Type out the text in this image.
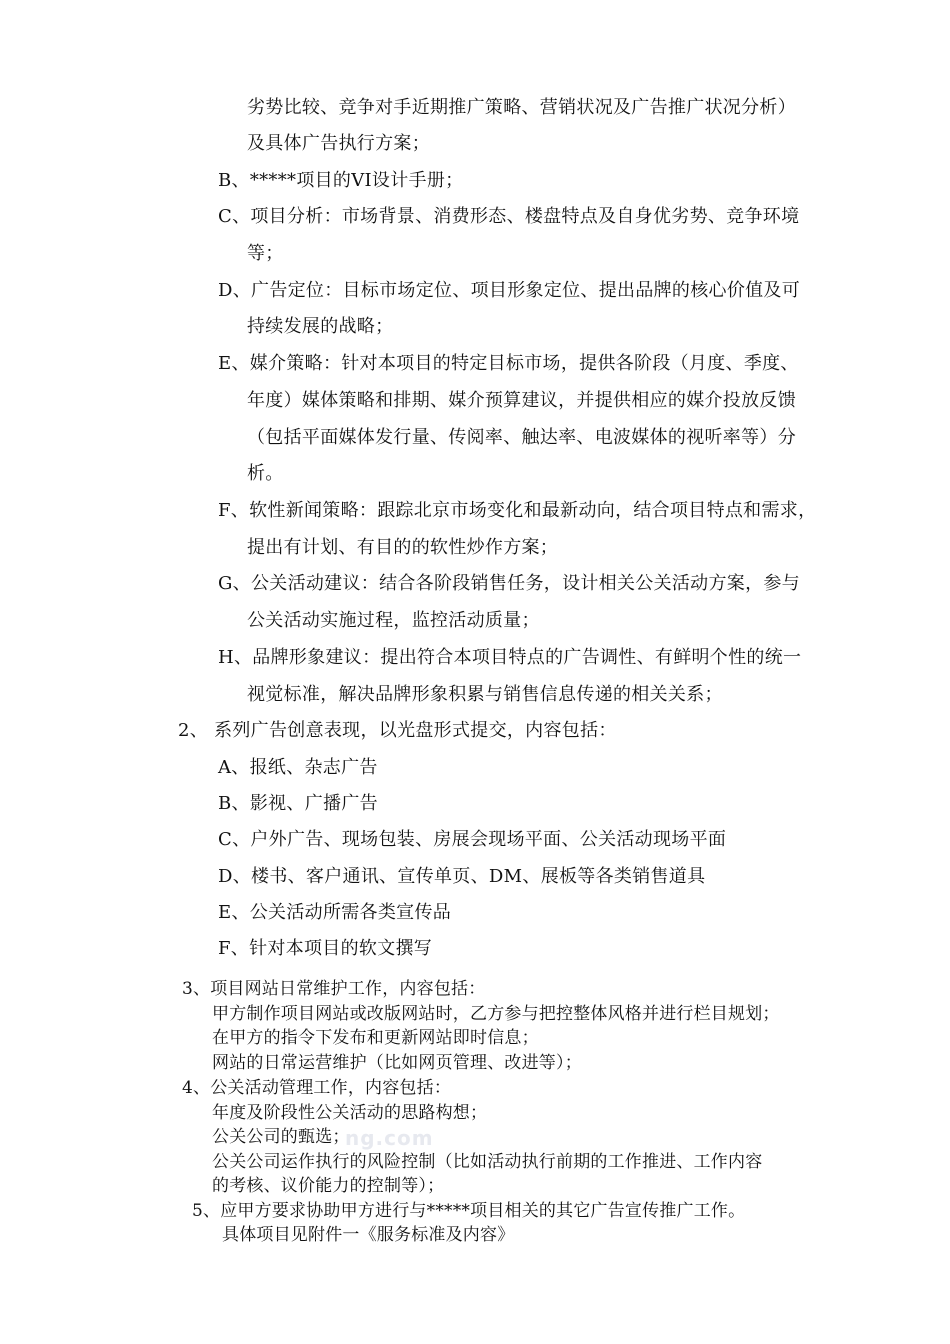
劣势比较、竞争对手近期推广策略、营销状况及广告推广状况分析）
及具体广告执行方案；
B、*****项目的VI设计手册；
C、项目分析：市场背景、消费形态、楼盘特点及自身优劣势、竞争环境
等；
D、广告定位：目标市场定位、项目形象定位、提出品牌的核心价值及可
持续发展的战略；
E、媒介策略：针对本项目的特定目标市场，提供各阶段（月度、季度、
年度）媒体策略和排期、媒介预算建议，并提供相应的媒介投放反馈
（包括平面媒体发行量、传阅率、触达率、电波媒体的视听率等）分
析。
F、软性新闻策略：跟踪北京市场变化和最新动向，结合项目特点和需求，
提出有计划、有目的的软性炒作方案；
G、公关活动建议：结合各阶段销售任务，设计相关公关活动方案，参与
公关活动实施过程，监控活动质量；
H、品牌形象建议：提出符合本项目特点的广告调性、有鲜明个性的统一
视觉标准，解决品牌形象积累与销售信息传递的相关关系；
2、 系列广告创意表现，以光盘形式提交，内容包括：
A、报纸、杂志广告
B、影视、广播广告
C、户外广告、现场包装、房展会现场平面、公关活动现场平面
D、楼书、客户通讯、宣传单页、DM、展板等各类销售道具
E、公关活动所需各类宣传品
F、针对本项目的软文撰写
3、项目网站日常维护工作，内容包括：
甲方制作项目网站或改版网站时，乙方参与把控整体风格并进行栏目规划；
在甲方的指令下发布和更新网站即时信息；
网站的日常运营维护（比如网页管理、改进等）；
4、公关活动管理工作，内容包括：
年度及阶段性公关活动的思路构想；
ng.com
公关公司的甄选；
公关公司运作执行的风险控制（比如活动执行前期的工作推进、工作内容
的考核、议价能力的控制等）；
5、应甲方要求协助甲方进行与*****项目相关的其它广告宣传推广工作。
具体项目见附件一《服务标准及内容》
